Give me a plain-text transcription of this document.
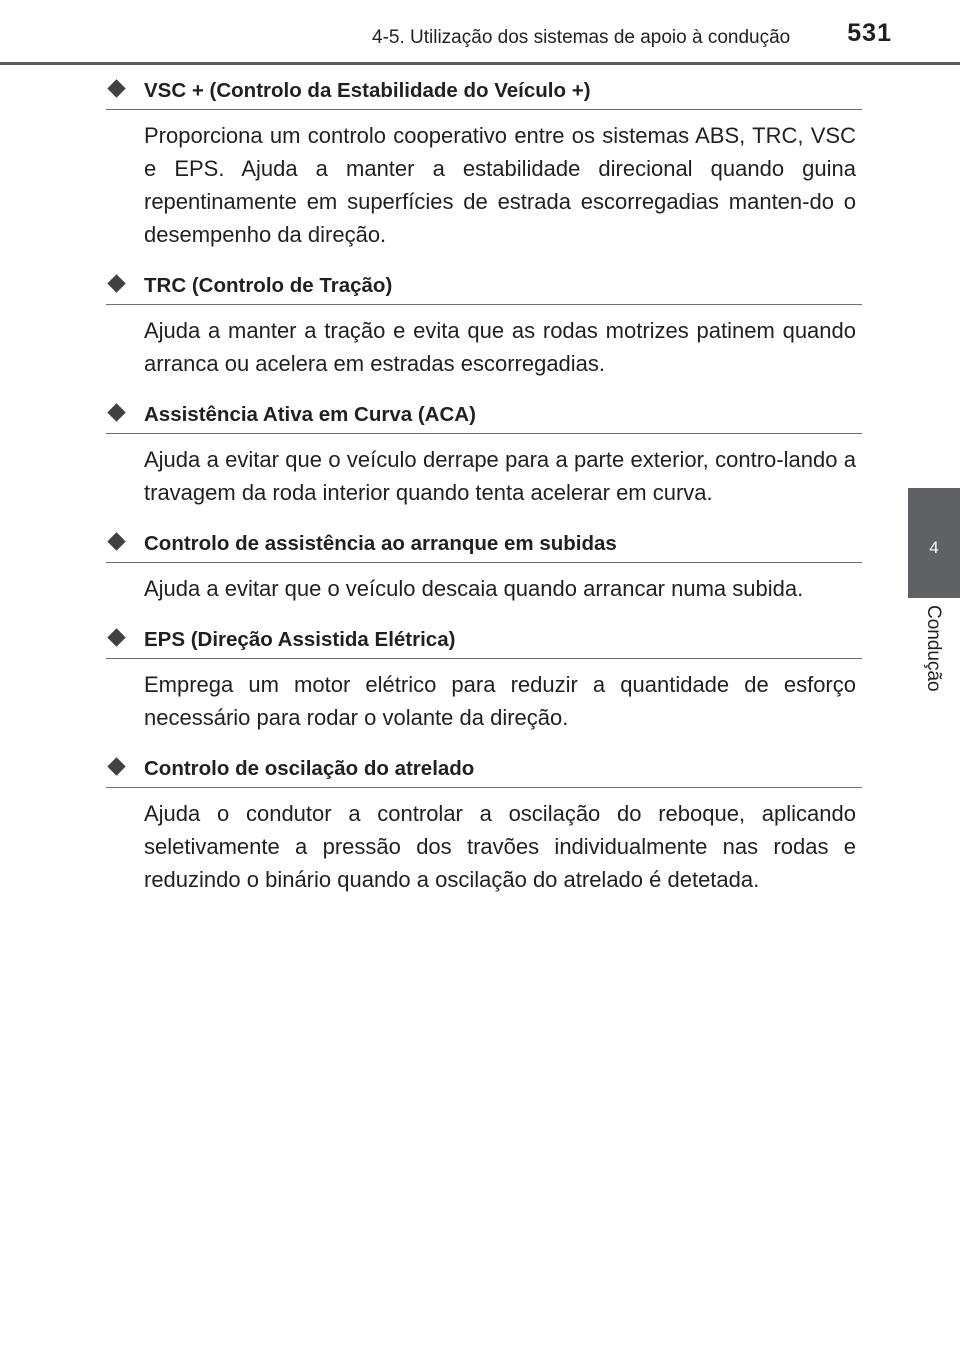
4-5. Utilização dos sistemas de apoio à condução	531
4
Condução
VSC + (Controlo da Estabilidade do Veículo +)

Proporciona um controlo cooperativo entre os sistemas ABS, TRC, VSC e EPS. Ajuda a manter a estabilidade direcional quando guina repentinamente em superfícies de estrada escorregadias manten-do o desempenho da direção.

TRC (Controlo de Tração)

Ajuda a manter a tração e evita que as rodas motrizes patinem quando arranca ou acelera em estradas escorregadias.

Assistência Ativa em Curva (ACA)

Ajuda a evitar que o veículo derrape para a parte exterior, contro-lando a travagem da roda interior quando tenta acelerar em curva.

Controlo de assistência ao arranque em subidas

Ajuda a evitar que o veículo descaia quando arrancar numa subida.

EPS (Direção Assistida Elétrica)

Emprega um motor elétrico para reduzir a quantidade de esforço necessário para rodar o volante da direção.

Controlo de oscilação do atrelado

Ajuda o condutor a controlar a oscilação do reboque, aplicando seletivamente a pressão dos travões individualmente nas rodas e reduzindo o binário quando a oscilação do atrelado é detetada.
